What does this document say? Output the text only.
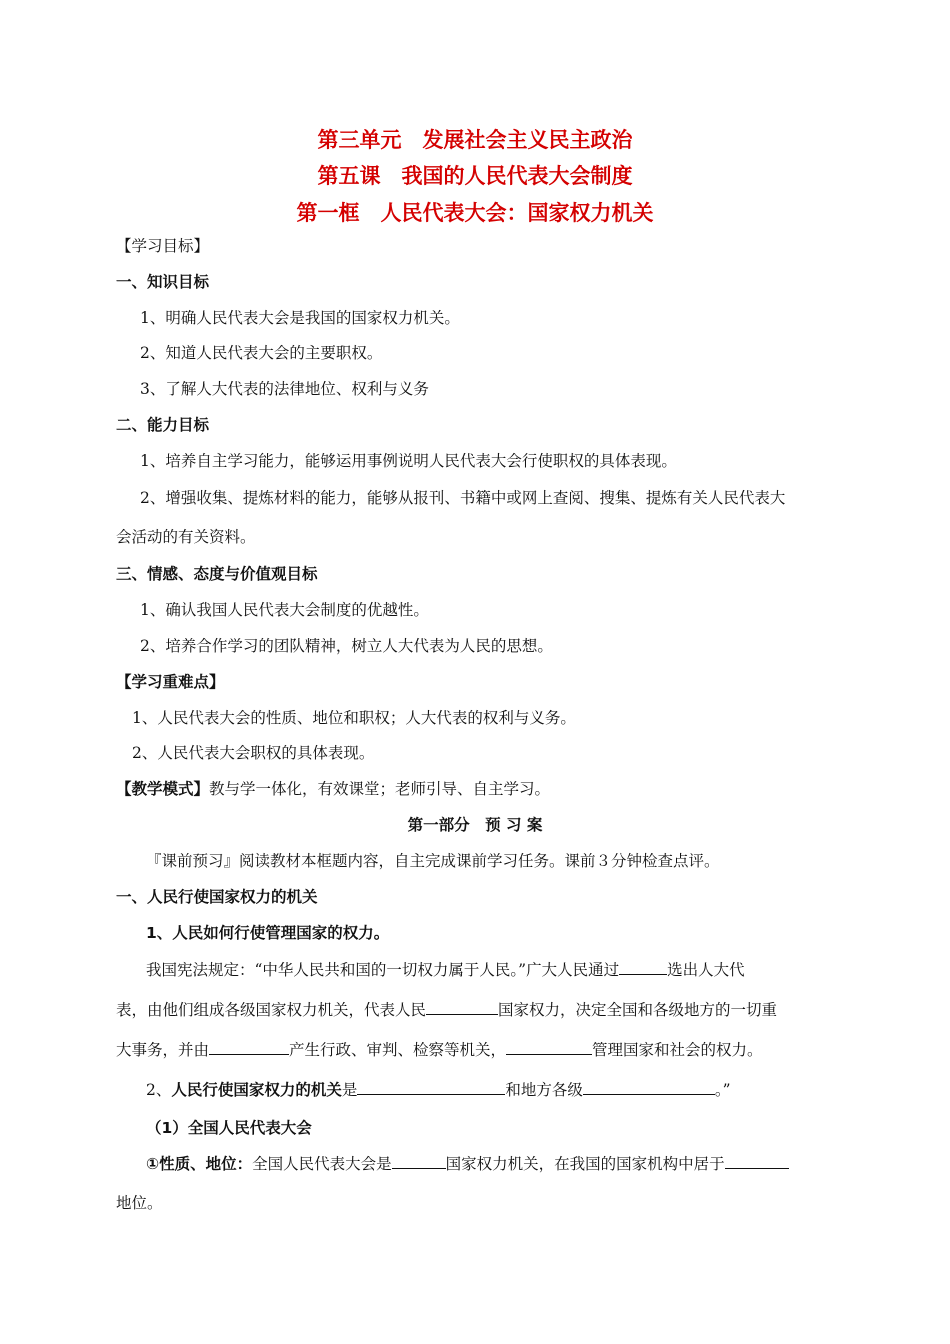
第三单元　发展社会主义民主政治
第五课　我国的人民代表大会制度
第一框　人民代表大会：国家权力机关
【学习目标】
一、知识目标
1、明确人民代表大会是我国的国家权力机关。
2、知道人民代表大会的主要职权。
3、了解人大代表的法律地位、权利与义务
二、能力目标
1、培养自主学习能力，能够运用事例说明人民代表大会行使职权的具体表现。
2、增强收集、提炼材料的能力，能够从报刊、书籍中或网上查阅、搜集、提炼有关人民代表大
会活动的有关资料。
三、情感、态度与价值观目标
1、确认我国人民代表大会制度的优越性。
2、培养合作学习的团队精神，树立人大代表为人民的思想。
【学习重难点】
1、人民代表大会的性质、地位和职权；人大代表的权利与义务。
2、人民代表大会职权的具体表现。
【教学模式】教与学一体化，有效课堂；老师引导、自主学习。
第一部分　预 习 案
『课前预习』阅读教材本框题内容，自主完成课前学习任务。课前３分钟检查点评。
一、人民行使国家权力的机关
1、人民如何行使管理国家的权力。
我国宪法规定：“中华人民共和国的一切权力属于人民。”广大人民通过	选出人大代
表，由他们组成各级国家权力机关，代表人民	国家权力，决定全国和各级地方的一切重
大事务，并由	产生行政、审判、检察等机关，	管理国家和社会的权力。
2、人民行使国家权力的机关是	和地方各级	。”
（1）全国人民代表大会
①性质、地位：全国人民代表大会是	国家权力机关，在我国的国家机构中居于
地位。
